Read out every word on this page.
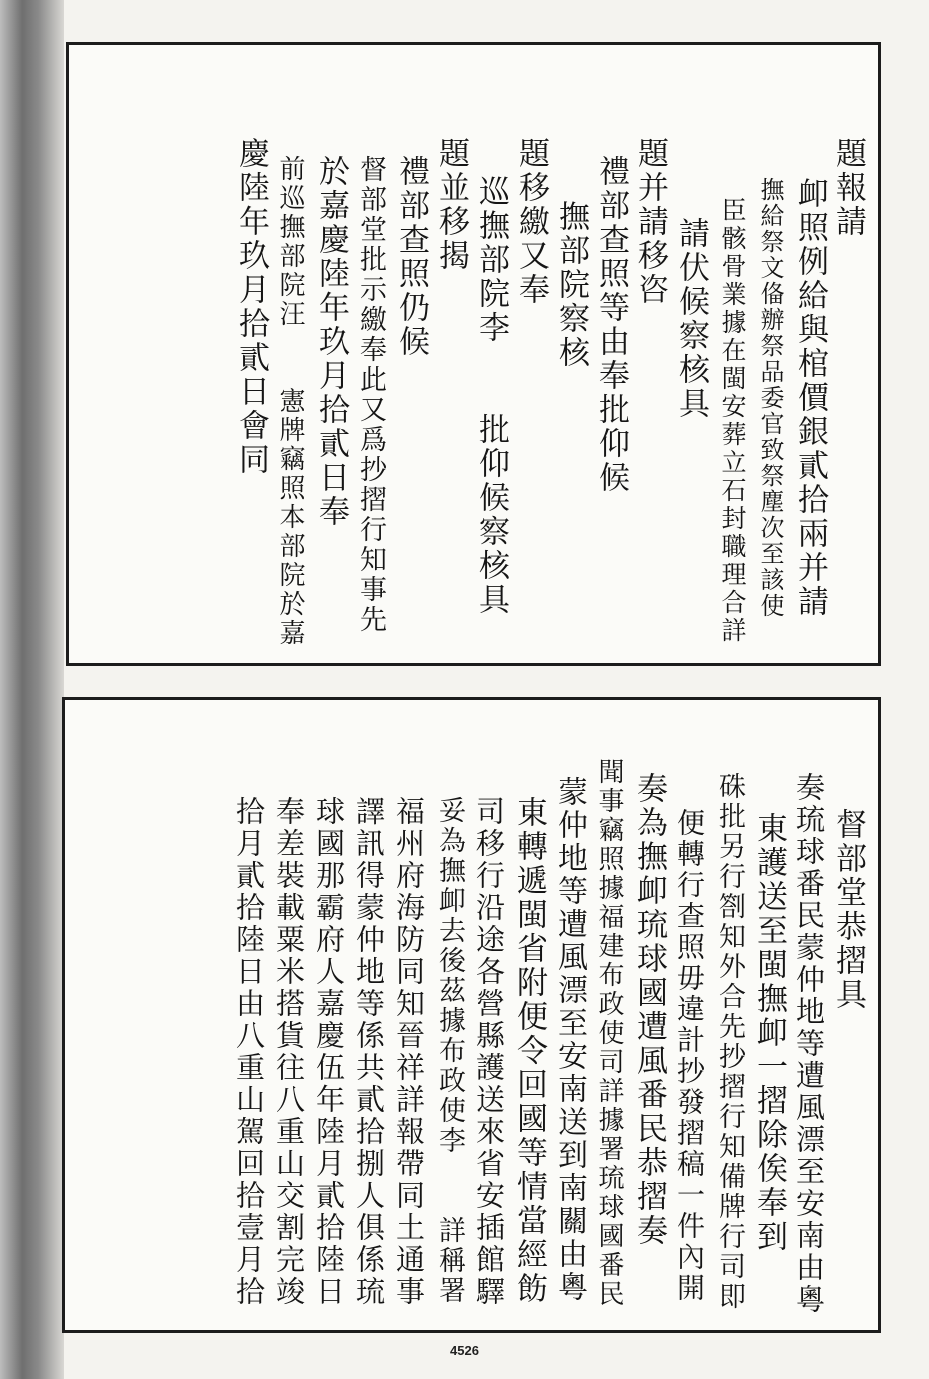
題報請
卹照例給與棺價銀貳拾兩并請
撫給祭文俻辦祭品委官致祭塵次至該使
臣骸骨業據在閩安葬立石封職理合詳
請伏候察核具
題并請移咨
禮部查照等由奉批仰候
撫部院察核
題移繳又奉
巡撫部院李　　批仰候察核具
題並移揭
禮部查照仍候
督部堂批示繳奉此又爲抄摺行知事先
於嘉慶陸年玖月拾貳日奉
前巡撫部院汪　　憲牌竊照本部院於嘉
慶陸年玖月拾貳日會同
督部堂恭摺具
奏琉球番民蒙仲地等遭風漂至安南由粵
東護送至閩撫卹一摺除俟奉到
硃批另行劄知外合先抄摺行知備牌行司即
便轉行查照毋違計抄發摺稿一件內開
奏為撫卹琉球國遭風番民恭摺奏
聞事竊照據福建布政使司詳據署琉球國番民
蒙仲地等遭風漂至安南送到南關由粵
東轉遞閩省附便令回國等情當經飭
司移行沿途各營縣護送來省安插館驛
妥為撫卹去後茲據布政使李　　詳稱署
福州府海防同知晉祥詳報帶同土通事
譯訊得蒙仲地等係共貳拾捌人俱係琉
球國那霸府人嘉慶伍年陸月貳拾陸日
奉差裝載粟米搭貨往八重山交割完竣
拾月貳拾陸日由八重山駕回拾壹月拾
4526
